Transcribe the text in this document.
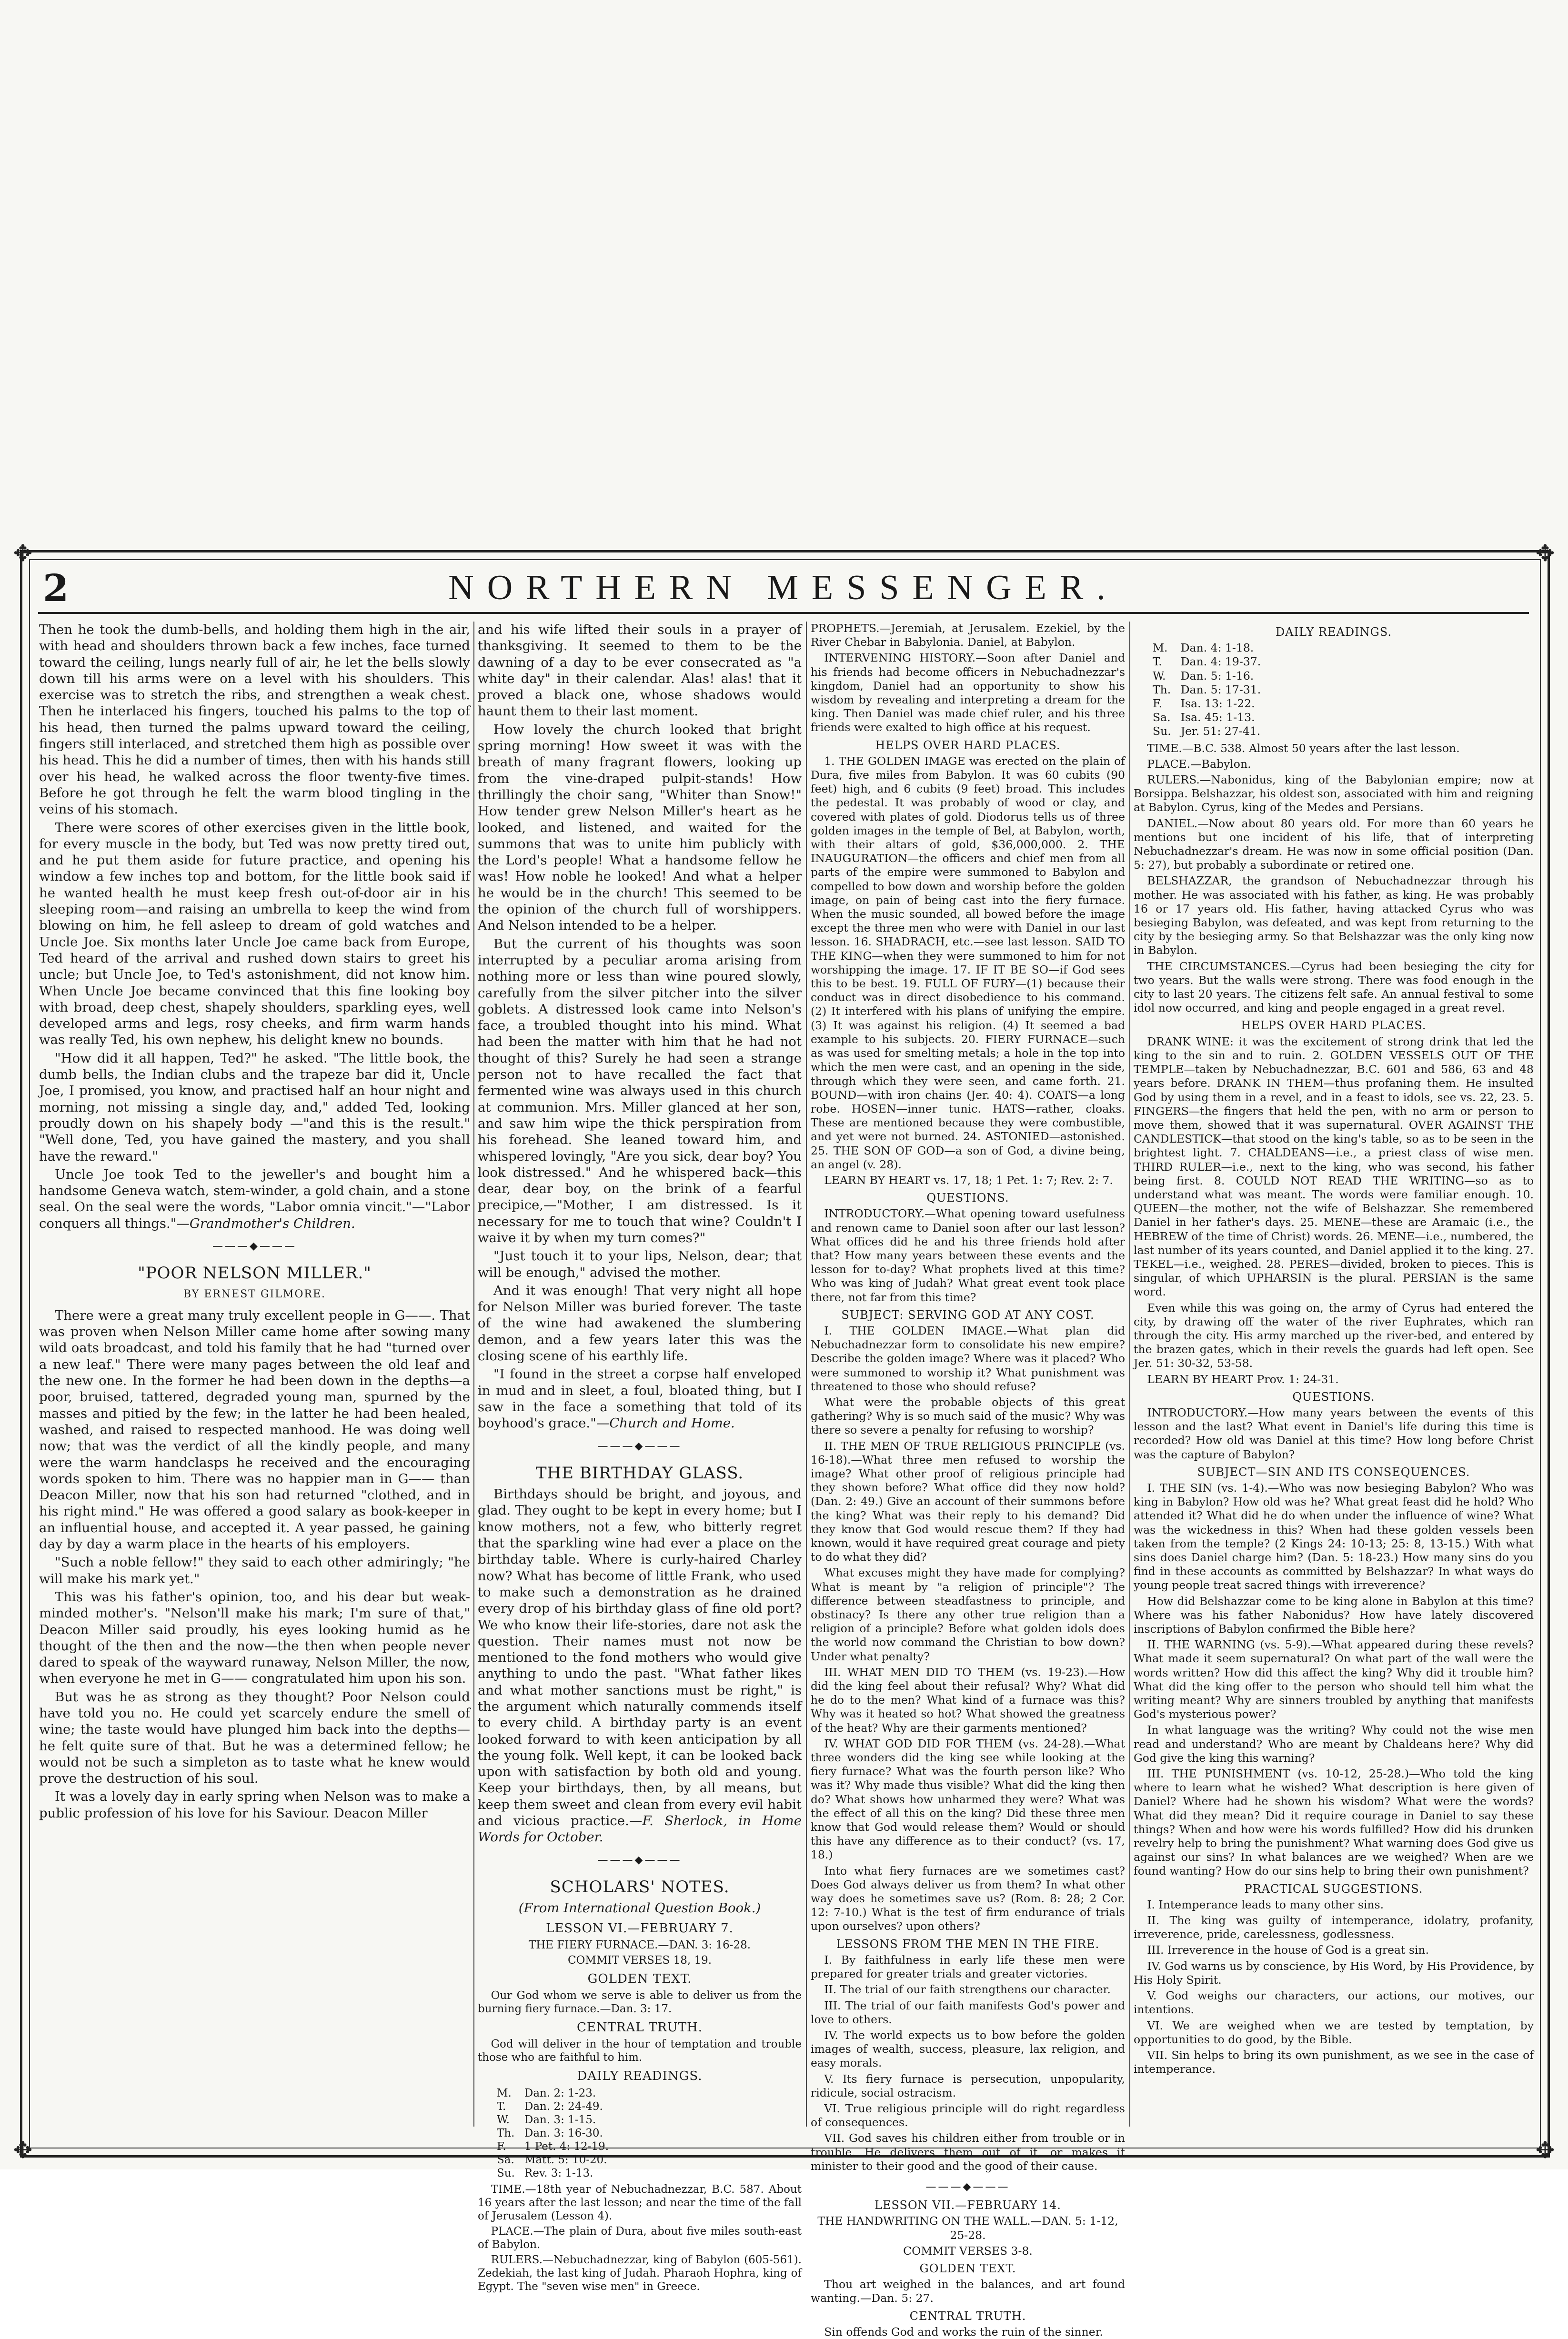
✥	✥
✥	✥
2	NORTHERN MESSENGER.

Then he took the dumb-bells, and holding them high in the air, with head and shoulders thrown back a few inches, face turned toward the ceiling, lungs nearly full of air, he let the bells slowly down till his arms were on a level with his shoulders. This exercise was to stretch the ribs, and strengthen a weak chest. Then he interlaced his fingers, touched his palms to the top of his head, then turned the palms upward toward the ceiling, fingers still interlaced, and stretched them high as possible over his head. This he did a number of times, then with his hands still over his head, he walked across the floor twenty-five times. Before he got through he felt the warm blood tingling in the veins of his stomach.

There were scores of other exercises given in the little book, for every muscle in the body, but Ted was now pretty tired out, and he put them aside for future practice, and opening his window a few inches top and bottom, for the little book said if he wanted health he must keep fresh out-of-door air in his sleeping room—and raising an umbrella to keep the wind from blowing on him, he fell asleep to dream of gold watches and Uncle Joe. Six months later Uncle Joe came back from Europe, Ted heard of the arrival and rushed down stairs to greet his uncle; but Uncle Joe, to Ted's astonishment, did not know him. When Uncle Joe became convinced that this fine looking boy with broad, deep chest, shapely shoulders, sparkling eyes, well developed arms and legs, rosy cheeks, and firm warm hands was really Ted, his own nephew, his delight knew no bounds.

"How did it all happen, Ted?" he asked. "The little book, the dumb bells, the Indian clubs and the trapeze bar did it, Uncle Joe, I promised, you know, and practised half an hour night and morning, not missing a single day, and," added Ted, looking proudly down on his shapely body —"and this is the result." "Well done, Ted, you have gained the mastery, and you shall have the reward."

Uncle Joe took Ted to the jeweller's and bought him a handsome Geneva watch, stem-winder, a gold chain, and a stone seal. On the seal were the words, "Labor omnia vincit."—"Labor conquers all things."—Grandmother's Children.

———◆———
"POOR NELSON MILLER."
BY ERNEST GILMORE.

There were a great many truly excellent people in G——. That was proven when Nelson Miller came home after sowing many wild oats broadcast, and told his family that he had "turned over a new leaf." There were many pages between the old leaf and the new one. In the former he had been down in the depths—a poor, bruised, tattered, degraded young man, spurned by the masses and pitied by the few; in the latter he had been healed, washed, and raised to respected manhood. He was doing well now; that was the verdict of all the kindly people, and many were the warm handclasps he received and the encouraging words spoken to him. There was no happier man in G—— than Deacon Miller, now that his son had returned "clothed, and in his right mind." He was offered a good salary as book-keeper in an influential house, and accepted it. A year passed, he gaining day by day a warm place in the hearts of his employers.

"Such a noble fellow!" they said to each other admiringly; "he will make his mark yet."

This was his father's opinion, too, and his dear but weak-minded mother's. "Nelson'll make his mark; I'm sure of that," Deacon Miller said proudly, his eyes looking humid as he thought of the then and the now—the then when people never dared to speak of the wayward runaway, Nelson Miller, the now, when everyone he met in G—— congratulated him upon his son.

But was he as strong as they thought? Poor Nelson could have told you no. He could yet scarcely endure the smell of wine; the taste would have plunged him back into the depths—he felt quite sure of that. But he was a determined fellow; he would not be such a simpleton as to taste what he knew would prove the destruction of his soul.

It was a lovely day in early spring when Nelson was to make a public profession of his love for his Saviour. Deacon Miller

and his wife lifted their souls in a prayer of thanksgiving. It seemed to them to be the dawning of a day to be ever consecrated as "a white day" in their calendar. Alas! alas! that it proved a black one, whose shadows would haunt them to their last moment.

How lovely the church looked that bright spring morning! How sweet it was with the breath of many fragrant flowers, looking up from the vine-draped pulpit-stands! How thrillingly the choir sang, "Whiter than Snow!" How tender grew Nelson Miller's heart as he looked, and listened, and waited for the summons that was to unite him publicly with the Lord's people! What a handsome fellow he was! How noble he looked! And what a helper he would be in the church! This seemed to be the opinion of the church full of worshippers. And Nelson intended to be a helper.

But the current of his thoughts was soon interrupted by a peculiar aroma arising from nothing more or less than wine poured slowly, carefully from the silver pitcher into the silver goblets. A distressed look came into Nelson's face, a troubled thought into his mind. What had been the matter with him that he had not thought of this? Surely he had seen a strange person not to have recalled the fact that fermented wine was always used in this church at communion. Mrs. Miller glanced at her son, and saw him wipe the thick perspiration from his forehead. She leaned toward him, and whispered lovingly, "Are you sick, dear boy? You look distressed." And he whispered back—this dear, dear boy, on the brink of a fearful precipice,—"Mother, I am distressed. Is it necessary for me to touch that wine? Couldn't I waive it by when my turn comes?"

"Just touch it to your lips, Nelson, dear; that will be enough," advised the mother.

And it was enough! That very night all hope for Nelson Miller was buried forever. The taste of the wine had awakened the slumbering demon, and a few years later this was the closing scene of his earthly life.

"I found in the street a corpse half enveloped in mud and in sleet, a foul, bloated thing, but I saw in the face a something that told of its boyhood's grace."—Church and Home.

———◆———
THE BIRTHDAY GLASS.

Birthdays should be bright, and joyous, and glad. They ought to be kept in every home; but I know mothers, not a few, who bitterly regret that the sparkling wine had ever a place on the birthday table. Where is curly-haired Charley now? What has become of little Frank, who used to make such a demonstration as he drained every drop of his birthday glass of fine old port? We who know their life-stories, dare not ask the question. Their names must not now be mentioned to the fond mothers who would give anything to undo the past. "What father likes and what mother sanctions must be right," is the argument which naturally commends itself to every child. A birthday party is an event looked forward to with keen anticipation by all the young folk. Well kept, it can be looked back upon with satisfaction by both old and young. Keep your birthdays, then, by all means, but keep them sweet and clean from every evil habit and vicious practice.—F. Sherlock, in Home Words for October.

———◆———
SCHOLARS' NOTES.

(From International Question Book.)

LESSON VI.—FEBRUARY 7.

THE FIERY FURNACE.—DAN. 3: 16-28.

COMMIT VERSES 18, 19.

GOLDEN TEXT.

Our God whom we serve is able to deliver us from the burning fiery furnace.—Dan. 3: 17.

CENTRAL TRUTH.

God will deliver in the hour of temptation and trouble those who are faithful to him.

DAILY READINGS.
M.	Dan. 2: 1-23.
T.	Dan. 2: 24-49.
W.	Dan. 3: 1-15.
Th.	Dan. 3: 16-30.
F.	1 Pet. 4: 12-19.
Sa.	Matt. 5: 10-20.
Su.	Rev. 3: 1-13.

TIME.—18th year of Nebuchadnezzar, B.C. 587. About 16 years after the last lesson; and near the time of the fall of Jerusalem (Lesson 4).

PLACE.—The plain of Dura, about five miles south-east of Babylon.

RULERS.—Nebuchadnezzar, king of Babylon (605-561). Zedekiah, the last king of Judah. Pharaoh Hophra, king of Egypt. The "seven wise men" in Greece.

PROPHETS.—Jeremiah, at Jerusalem. Ezekiel, by the River Chebar in Babylonia. Daniel, at Babylon.

INTERVENING HISTORY.—Soon after Daniel and his friends had become officers in Nebuchadnezzar's kingdom, Daniel had an opportunity to show his wisdom by revealing and interpreting a dream for the king. Then Daniel was made chief ruler, and his three friends were exalted to high office at his request.

HELPS OVER HARD PLACES.

1. THE GOLDEN IMAGE was erected on the plain of Dura, five miles from Babylon. It was 60 cubits (90 feet) high, and 6 cubits (9 feet) broad. This includes the pedestal. It was probably of wood or clay, and covered with plates of gold. Diodorus tells us of three golden images in the temple of Bel, at Babylon, worth, with their altars of gold, $36,000,000. 2. THE INAUGURATION—the officers and chief men from all parts of the empire were summoned to Babylon and compelled to bow down and worship before the golden image, on pain of being cast into the fiery furnace. When the music sounded, all bowed before the image except the three men who were with Daniel in our last lesson. 16. SHADRACH, etc.—see last lesson. SAID TO THE KING—when they were summoned to him for not worshipping the image. 17. IF IT BE SO—if God sees this to be best. 19. FULL OF FURY—(1) because their conduct was in direct disobedience to his command. (2) It interfered with his plans of unifying the empire. (3) It was against his religion. (4) It seemed a bad example to his subjects. 20. FIERY FURNACE—such as was used for smelting metals; a hole in the top into which the men were cast, and an opening in the side, through which they were seen, and came forth. 21. BOUND—with iron chains (Jer. 40: 4). COATS—a long robe. HOSEN—inner tunic. HATS—rather, cloaks. These are mentioned because they were combustible, and yet were not burned. 24. ASTONIED—astonished. 25. THE SON OF GOD—a son of God, a divine being, an angel (v. 28).

LEARN BY HEART vs. 17, 18; 1 Pet. 1: 7; Rev. 2: 7.

QUESTIONS.

INTRODUCTORY.—What opening toward usefulness and renown came to Daniel soon after our last lesson? What offices did he and his three friends hold after that? How many years between these events and the lesson for to-day? What prophets lived at this time? Who was king of Judah? What great event took place there, not far from this time?

SUBJECT: SERVING GOD AT ANY COST.

I. THE GOLDEN IMAGE.—What plan did Nebuchadnezzar form to consolidate his new empire? Describe the golden image? Where was it placed? Who were summoned to worship it? What punishment was threatened to those who should refuse?

What were the probable objects of this great gathering? Why is so much said of the music? Why was there so severe a penalty for refusing to worship?

II. THE MEN OF TRUE RELIGIOUS PRINCIPLE (vs. 16-18).—What three men refused to worship the image? What other proof of religious principle had they shown before? What office did they now hold? (Dan. 2: 49.) Give an account of their summons before the king? What was their reply to his demand? Did they know that God would rescue them? If they had known, would it have required great courage and piety to do what they did?

What excuses might they have made for complying? What is meant by "a religion of principle"? The difference between steadfastness to principle, and obstinacy? Is there any other true religion than a religion of a principle? Before what golden idols does the world now command the Christian to bow down? Under what penalty?

III. WHAT MEN DID TO THEM (vs. 19-23).—How did the king feel about their refusal? Why? What did he do to the men? What kind of a furnace was this? Why was it heated so hot? What showed the greatness of the heat? Why are their garments mentioned?

IV. WHAT GOD DID FOR THEM (vs. 24-28).—What three wonders did the king see while looking at the fiery furnace? What was the fourth person like? Who was it? Why made thus visible? What did the king then do? What shows how unharmed they were? What was the effect of all this on the king? Did these three men know that God would release them? Would or should this have any difference as to their conduct? (vs. 17, 18.)

Into what fiery furnaces are we sometimes cast? Does God always deliver us from them? In what other way does he sometimes save us? (Rom. 8: 28; 2 Cor. 12: 7-10.) What is the test of firm endurance of trials upon ourselves? upon others?

LESSONS FROM THE MEN IN THE FIRE.

I. By faithfulness in early life these men were prepared for greater trials and greater victories.

II. The trial of our faith strengthens our character.

III. The trial of our faith manifests God's power and love to others.

IV. The world expects us to bow before the golden images of wealth, success, pleasure, lax religion, and easy morals.

V. Its fiery furnace is persecution, unpopularity, ridicule, social ostracism.

VI. True religious principle will do right regardless of consequences.

VII. God saves his children either from trouble or in trouble. He delivers them out of it, or makes it minister to their good and the good of their cause.

———◆———
LESSON VII.—FEBRUARY 14.

THE HANDWRITING ON THE WALL.—DAN. 5: 1-12, 25-28.

COMMIT VERSES 3-8.

GOLDEN TEXT.

Thou art weighed in the balances, and art found wanting.—Dan. 5: 27.

CENTRAL TRUTH.

Sin offends God and works the ruin of the sinner.

DAILY READINGS.
M.	Dan. 4: 1-18.
T.	Dan. 4: 19-37.
W.	Dan. 5: 1-16.
Th.	Dan. 5: 17-31.
F.	Isa. 13: 1-22.
Sa.	Isa. 45: 1-13.
Su.	Jer. 51: 27-41.

TIME.—B.C. 538. Almost 50 years after the last lesson.

PLACE.—Babylon.

RULERS.—Nabonidus, king of the Babylonian empire; now at Borsippa. Belshazzar, his oldest son, associated with him and reigning at Babylon. Cyrus, king of the Medes and Persians.

DANIEL.—Now about 80 years old. For more than 60 years he mentions but one incident of his life, that of interpreting Nebuchadnezzar's dream. He was now in some official position (Dan. 5: 27), but probably a subordinate or retired one.

BELSHAZZAR, the grandson of Nebuchadnezzar through his mother. He was associated with his father, as king. He was probably 16 or 17 years old. His father, having attacked Cyrus who was besieging Babylon, was defeated, and was kept from returning to the city by the besieging army. So that Belshazzar was the only king now in Babylon.

THE CIRCUMSTANCES.—Cyrus had been besieging the city for two years. But the walls were strong. There was food enough in the city to last 20 years. The citizens felt safe. An annual festival to some idol now occurred, and king and people engaged in a great revel.

HELPS OVER HARD PLACES.

DRANK WINE: it was the excitement of strong drink that led the king to the sin and to ruin. 2. GOLDEN VESSELS OUT OF THE TEMPLE—taken by Nebuchadnezzar, B.C. 601 and 586, 63 and 48 years before. DRANK IN THEM—thus profaning them. He insulted God by using them in a revel, and in a feast to idols, see vs. 22, 23. 5. FINGERS—the fingers that held the pen, with no arm or person to move them, showed that it was supernatural. OVER AGAINST THE CANDLESTICK—that stood on the king's table, so as to be seen in the brightest light. 7. CHALDEANS—i.e., a priest class of wise men. THIRD RULER—i.e., next to the king, who was second, his father being first. 8. COULD NOT READ THE WRITING—so as to understand what was meant. The words were familiar enough. 10. QUEEN—the mother, not the wife of Belshazzar. She remembered Daniel in her father's days. 25. MENE—these are Aramaic (i.e., the HEBREW of the time of Christ) words. 26. MENE—i.e., numbered, the last number of its years counted, and Daniel applied it to the king. 27. TEKEL—i.e., weighed. 28. PERES—divided, broken to pieces. This is singular, of which UPHARSIN is the plural. PERSIAN is the same word.

Even while this was going on, the army of Cyrus had entered the city, by drawing off the water of the river Euphrates, which ran through the city. His army marched up the river-bed, and entered by the brazen gates, which in their revels the guards had left open. See Jer. 51: 30-32, 53-58.

LEARN BY HEART Prov. 1: 24-31.

QUESTIONS.

INTRODUCTORY.—How many years between the events of this lesson and the last? What event in Daniel's life during this time is recorded? How old was Daniel at this time? How long before Christ was the capture of Babylon?

SUBJECT—SIN AND ITS CONSEQUENCES.

I. THE SIN (vs. 1-4).—Who was now besieging Babylon? Who was king in Babylon? How old was he? What great feast did he hold? Who attended it? What did he do when under the influence of wine? What was the wickedness in this? When had these golden vessels been taken from the temple? (2 Kings 24: 10-13; 25: 8, 13-15.) With what sins does Daniel charge him? (Dan. 5: 18-23.) How many sins do you find in these accounts as committed by Belshazzar? In what ways do young people treat sacred things with irreverence?

How did Belshazzar come to be king alone in Babylon at this time? Where was his father Nabonidus? How have lately discovered inscriptions of Babylon confirmed the Bible here?

II. THE WARNING (vs. 5-9).—What appeared during these revels? What made it seem supernatural? On what part of the wall were the words written? How did this affect the king? Why did it trouble him? What did the king offer to the person who should tell him what the writing meant? Why are sinners troubled by anything that manifests God's mysterious power?

In what language was the writing? Why could not the wise men read and understand? Who are meant by Chaldeans here? Why did God give the king this warning?

III. THE PUNISHMENT (vs. 10-12, 25-28.)—Who told the king where to learn what he wished? What description is here given of Daniel? Where had he shown his wisdom? What were the words? What did they mean? Did it require courage in Daniel to say these things? When and how were his words fulfilled? How did his drunken revelry help to bring the punishment? What warning does God give us against our sins? In what balances are we weighed? When are we found wanting? How do our sins help to bring their own punishment?

PRACTICAL SUGGESTIONS.

I. Intemperance leads to many other sins.

II. The king was guilty of intemperance, idolatry, profanity, irreverence, pride, carelessness, godlessness.

III. Irreverence in the house of God is a great sin.

IV. God warns us by conscience, by His Word, by His Providence, by His Holy Spirit.

V. God weighs our characters, our actions, our motives, our intentions.

VI. We are weighed when we are tested by temptation, by opportunities to do good, by the Bible.

VII. Sin helps to bring its own punishment, as we see in the case of intemperance.
